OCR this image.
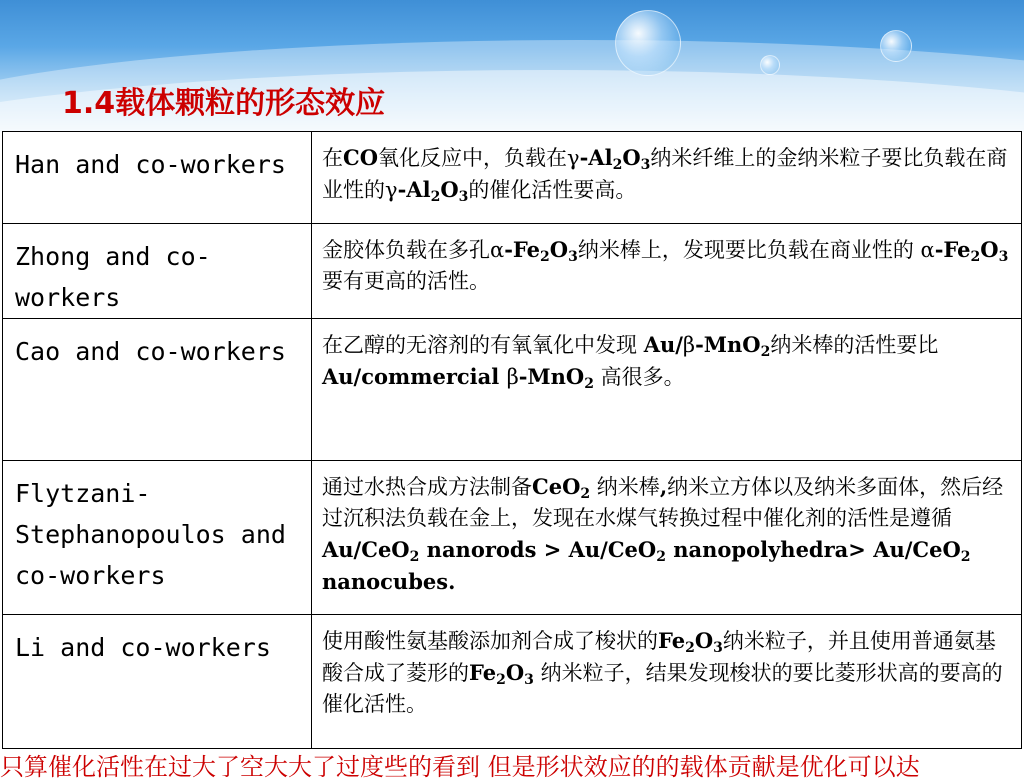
1.4载体颗粒的形态效应
Han and co-workers	在CO氧化反应中，负载在$\gamma-Al_2O_3$纳米纤维上的金纳米粒子要比负载在商业性的$\gamma-Al_2O_3$的催化活性要高。
Zhong and co-workers	金胶体负载在多孔$\alpha-Fe_2O_3$纳米棒上，发现要比负载在商业性的 $\alpha-Fe_2O_3$要有更高的活性。
Cao and co-workers	在乙醇的无溶剂的有氧氧化中发现 Au/β-MnO$_2$纳米棒的活性要比Au/commercial β-MnO$_2$ 高很多。
Flytzani-Stephanopoulos and co-workers	通过水热合成方法制备CeO$_2$ 纳米棒,纳米立方体以及纳米多面体，然后经过沉积法负载在金上，发现在水煤气转换过程中催化剂的活性是遵循Au/CeO$_2$ nanorods > Au/CeO$_2$ nanopolyhedra> Au/CeO$_2$ nanocubes.
Li and co-workers	使用酸性氨基酸添加剂合成了梭状的$Fe_2O_3$纳米粒子，并且使用普通氨基酸合成了菱形的$Fe_2O_3$ 纳米粒子，结果发现梭状的要比菱形状高的要高的催化活性。
只算催化活性在过大了空大大了过度些的看到 但是形状效应的的载体贡献是优化可以达
